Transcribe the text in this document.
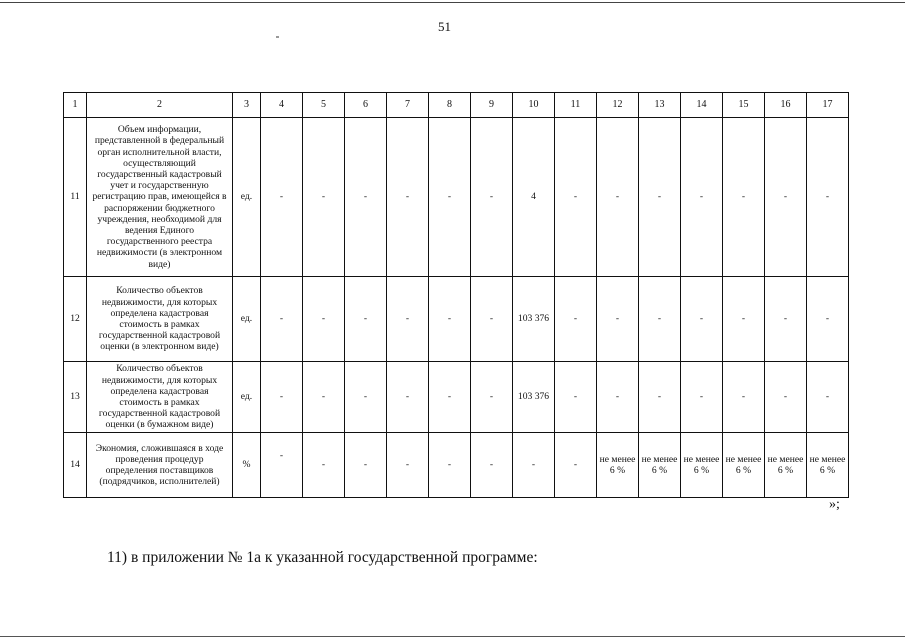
51
1	2	3	4	5	6	7	8	9	10	11	12	13	14	15	16	17
11	Объем информации, представленной в федеральный орган исполнительной власти, осуществляющий государственный кадастровый учет и государственную регистрацию прав, имеющейся в распоряжении бюджетного учреждения, необходимой для ведения Единого государственного реестра недвижимости (в электронном виде)	ед.	-	-	-	-	-	-	4	-	-	-	-	-	-	-
12	Количество объектов недвижимости, для которых определена кадастровая стоимость в рамках государственной кадастровой оценки (в электронном виде)	ед.	-	-	-	-	-	-	103 376	-	-	-	-	-	-	-
13	Количество объектов недвижимости, для которых определена кадастровая стоимость в рамках государственной кадастровой оценки (в бумажном виде)	ед.	-	-	-	-	-	-	103 376	-	-	-	-	-	-	-
14	Экономия, сложившаяся в ходе проведения процедур определения поставщиков (подрядчиков, исполнителей)	%	-	-	-	-	-	-	-	-	не менее 6 %	не менее 6 %	не менее 6 %	не менее 6 %	не менее 6 %	не менее 6 %
»;
11) в приложении № 1а к указанной государственной программе:
